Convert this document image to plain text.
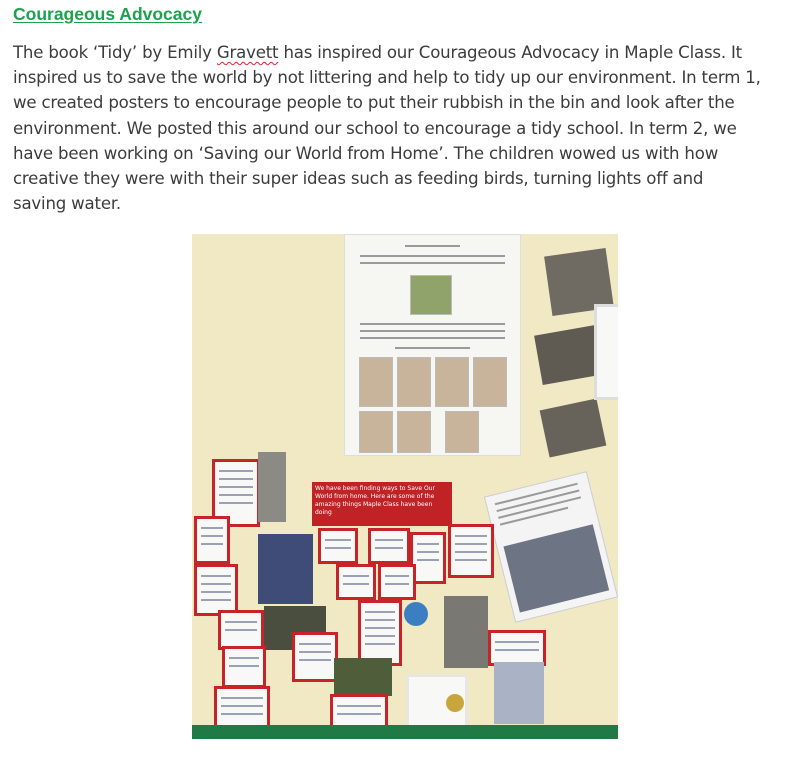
Courageous Advocacy
The book ‘Tidy’ by Emily Gravett has inspired our Courageous Advocacy in Maple Class. It
inspired us to save the world by not littering and help to tidy up our environment. In term 1,
we created posters to encourage people to put their rubbish in the bin and look after the
environment. We posted this around our school to encourage a tidy school. In term 2, we
have been working on ‘Saving our World from Home’. The children wowed us with how
creative they were with their super ideas such as feeding birds, turning lights off and
saving water.
We have been finding ways to Save Our World from home. Here are some of the amazing things Maple Class have been doing
